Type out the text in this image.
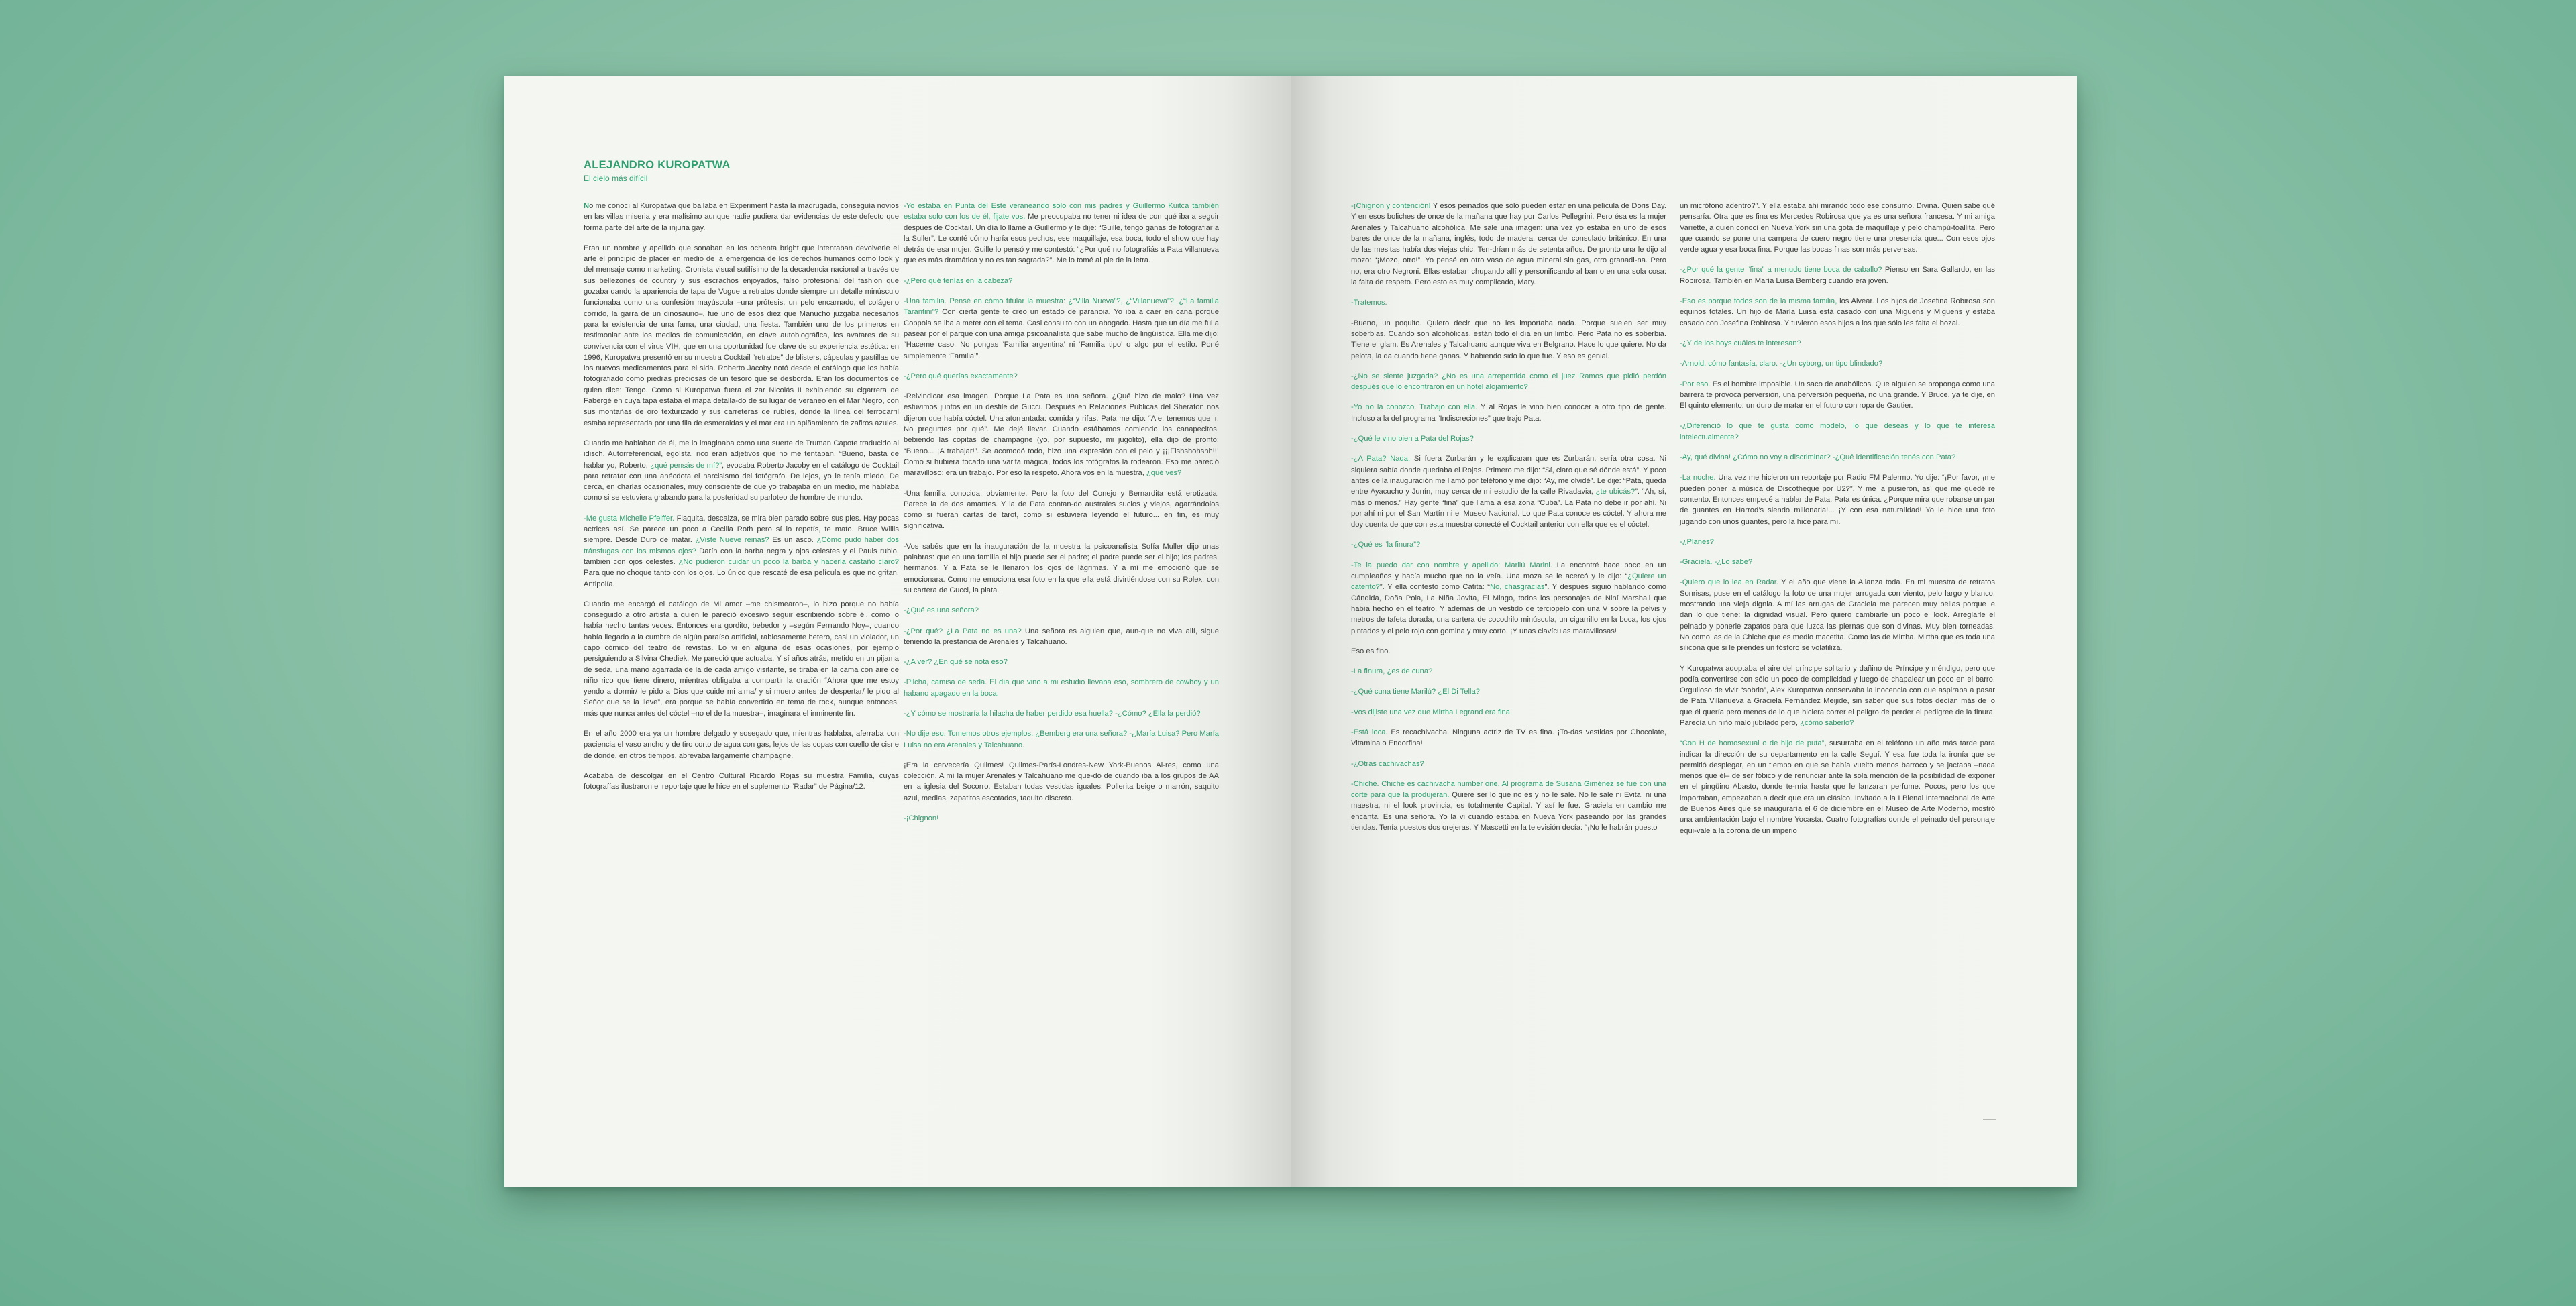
ALEJANDRO KUROPATWA
El cielo más difícil

No me conocí al Kuropatwa que bailaba en Experiment hasta la madrugada, conseguía novios en las villas miseria y era malísimo aunque nadie pudiera dar evidencias de este defecto que forma parte del arte de la injuria gay.

Eran un nombre y apellido que sonaban en los ochenta bright que intentaban devolverle el arte el principio de placer en medio de la emergencia de los derechos humanos como look y del mensaje como marketing. Cronista visual sutilísimo de la decadencia nacional a través de sus bellezones de country y sus escrachos enjoyados, falso profesional del fashion que gozaba dando la apariencia de tapa de Vogue a retratos donde siempre un detalle minúsculo funcionaba como una confesión mayúscula –una prótesis, un pelo encarnado, el colágeno corrido, la garra de un dinosaurio–, fue uno de esos diez que Manucho juzgaba necesarios para la existencia de una fama, una ciudad, una fiesta. También uno de los primeros en testimoniar ante los medios de comunicación, en clave autobiográfica, los avatares de su convivencia con el virus VIH, que en una oportunidad fue clave de su experiencia estética: en 1996, Kuropatwa presentó en su muestra Cocktail “retratos” de blisters, cápsulas y pastillas de los nuevos medicamentos para el sida. Roberto Jacoby notó desde el catálogo que los había fotografiado como piedras preciosas de un tesoro que se desborda. Eran los documentos de quien dice: Tengo. Como si Kuropatwa fuera el zar Nicolás II exhibiendo su cigarrera de Fabergé en cuya tapa estaba el mapa detalla-do de su lugar de veraneo en el Mar Negro, con sus montañas de oro texturizado y sus carreteras de rubíes, donde la línea del ferrocarril estaba representada por una fila de esmeraldas y el mar era un apiñamiento de zafiros azules.

Cuando me hablaban de él, me lo imaginaba como una suerte de Truman Capote traducido al idisch. Autorreferencial, egoísta, rico eran adjetivos que no me tentaban. “Bueno, basta de hablar yo, Roberto, ¿qué pensás de mí?”, evocaba Roberto Jacoby en el catálogo de Cocktail para retratar con una anécdota el narcisismo del fotógrafo. De lejos, yo le tenía miedo. De cerca, en charlas ocasionales, muy consciente de que yo trabajaba en un medio, me hablaba como si se estuviera grabando para la posteridad su parloteo de hombre de mundo.

-Me gusta Michelle Pfeiffer. Flaquita, descalza, se mira bien parado sobre sus pies. Hay pocas actrices así. Se parece un poco a Cecilia Roth pero sí lo repetís, te mato. Bruce Willis siempre. Desde Duro de matar. ¿Viste Nueve reinas? Es un asco. ¿Cómo pudo haber dos tránsfugas con los mismos ojos? Darín con la barba negra y ojos celestes y el Pauls rubio, también con ojos celestes. ¿No pudieron cuidar un poco la barba y hacerla castaño claro? Para que no choque tanto con los ojos. Lo único que rescaté de esa película es que no gritan. Antipolía.

Cuando me encargó el catálogo de Mi amor –me chismearon–, lo hizo porque no había conseguido a otro artista a quien le pareció excesivo seguir escribiendo sobre él, como lo había hecho tantas veces. Entonces era gordito, bebedor y –según Fernando Noy–, cuando había llegado a la cumbre de algún paraíso artificial, rabiosamente hetero, casi un violador, un capo cómico del teatro de revistas. Lo vi en alguna de esas ocasiones, por ejemplo persiguiendo a Silvina Chediek. Me pareció que actuaba. Y sí años atrás, metido en un pijama de seda, una mano agarrada de la de cada amigo visitante, se tiraba en la cama con aire de niño rico que tiene dinero, mientras obligaba a compartir la oración “Ahora que me estoy yendo a dormir/ le pido a Dios que cuide mi alma/ y si muero antes de despertar/ le pido al Señor que se la lleve”, era porque se había convertido en tema de rock, aunque entonces, más que nunca antes del cóctel –no el de la muestra–, imaginara el inminente fin.

En el año 2000 era ya un hombre delgado y sosegado que, mientras hablaba, aferraba con paciencia el vaso ancho y de tiro corto de agua con gas, lejos de las copas con cuello de cisne de donde, en otros tiempos, abrevaba largamente champagne.

Acababa de descolgar en el Centro Cultural Ricardo Rojas su muestra Familia, cuyas fotografías ilustraron el reportaje que le hice en el suplemento “Radar” de Página/12.

-Yo estaba en Punta del Este veraneando solo con mis padres y Guillermo Kuitca también estaba solo con los de él, fijate vos. Me preocupaba no tener ni idea de con qué iba a seguir después de Cocktail. Un día lo llamé a Guillermo y le dije: “Guille, tengo ganas de fotografiar a la Suller”. Le conté cómo haría esos pechos, ese maquillaje, esa boca, todo el show que hay detrás de esa mujer. Guille lo pensó y me contestó: “¿Por qué no fotografiás a Pata Villanueva que es más dramática y no es tan sagrada?”. Me lo tomé al pie de la letra.

-¿Pero qué tenías en la cabeza?

-Una familia. Pensé en cómo titular la muestra: ¿“Villa Nueva”?, ¿“Villanueva”?, ¿“La familia Tarantini”? Con cierta gente te creo un estado de paranoia. Yo iba a caer en cana porque Coppola se iba a meter con el tema. Casi consulto con un abogado. Hasta que un día me fui a pasear por el parque con una amiga psicoanalista que sabe mucho de lingüística. Ella me dijo: “Haceme caso. No pongas ‘Familia argentina’ ni ‘Familia tipo’ o algo por el estilo. Poné simplemente ‘Familia’”.

-¿Pero qué querías exactamente?

-Reivindicar esa imagen. Porque La Pata es una señora. ¿Qué hizo de malo? Una vez estuvimos juntos en un desfile de Gucci. Después en Relaciones Públicas del Sheraton nos dijeron que había cóctel. Una atorrantada: comida y rifas. Pata me dijo: “Ale, tenemos que ir. No preguntes por qué”. Me dejé llevar. Cuando estábamos comiendo los canapecitos, bebiendo las copitas de champagne (yo, por supuesto, mi jugolito), ella dijo de pronto: “Bueno... ¡A trabajar!”. Se acomodó todo, hizo una expresión con el pelo y ¡¡¡Flshshohshh!!! Como si hubiera tocado una varita mágica, todos los fotógrafos la rodearon. Eso me pareció maravilloso: era un trabajo. Por eso la respeto. Ahora vos en la muestra, ¿qué ves?

-Una familia conocida, obviamente. Pero la foto del Conejo y Bernardita está erotizada. Parece la de dos amantes. Y la de Pata contan-do australes sucios y viejos, agarrándolos como si fueran cartas de tarot, como si estuviera leyendo el futuro... en fin, es muy significativa.

-Vos sabés que en la inauguración de la muestra la psicoanalista Sofía Muller dijo unas palabras: que en una familia el hijo puede ser el padre; el padre puede ser el hijo; los padres, hermanos. Y a Pata se le llenaron los ojos de lágrimas. Y a mí me emocionó que se emocionara. Como me emociona esa foto en la que ella está divirtiéndose con su Rolex, con su cartera de Gucci, la plata.

-¿Qué es una señora?

-¿Por qué? ¿La Pata no es una? Una señora es alguien que, aun-que no viva allí, sigue teniendo la prestancia de Arenales y Talcahuano.

-¿A ver? ¿En qué se nota eso?

-Pilcha, camisa de seda. El día que vino a mi estudio llevaba eso, sombrero de cowboy y un habano apagado en la boca.

-¿Y cómo se mostraría la hilacha de haber perdido esa huella? -¿Cómo? ¿Ella la perdió?

-No dije eso. Tomemos otros ejemplos. ¿Bemberg era una señora? -¿María Luisa? Pero María Luisa no era Arenales y Talcahuano.

¡Era la cervecería Quilmes! Quilmes-París-Londres-New York-Buenos Ai-res, como una colección. A mí la mujer Arenales y Talcahuano me que-dó de cuando iba a los grupos de AA en la iglesia del Socorro. Estaban todas vestidas iguales. Pollerita beige o marrón, saquito azul, medias, zapatitos escotados, taquito discreto.

-¡Chignon!

-¡Chignon y contención! Y esos peinados que sólo pueden estar en una película de Doris Day. Y en esos boliches de once de la mañana que hay por Carlos Pellegrini. Pero ésa es la mujer Arenales y Talcahuano alcohólica. Me sale una imagen: una vez yo estaba en uno de esos bares de once de la mañana, inglés, todo de madera, cerca del consulado británico. En una de las mesitas había dos viejas chic. Ten-drían más de setenta años. De pronto una le dijo al mozo: “¡Mozo, otro!”. Yo pensé en otro vaso de agua mineral sin gas, otro granadi-na. Pero no, era otro Negroni. Ellas estaban chupando allí y personificando al barrio en una sola cosa: la falta de respeto. Pero esto es muy complicado, Mary.

-Tratemos.

-Bueno, un poquito. Quiero decir que no les importaba nada. Porque suelen ser muy soberbias. Cuando son alcohólicas, están todo el día en un limbo. Pero Pata no es soberbia. Tiene el glam. Es Arenales y Talcahuano aunque viva en Belgrano. Hace lo que quiere. No da pelota, la da cuando tiene ganas. Y habiendo sido lo que fue. Y eso es genial.

-¿No se siente juzgada? ¿No es una arrepentida como el juez Ramos que pidió perdón después que lo encontraron en un hotel alojamiento?

-Yo no la conozco. Trabajo con ella. Y al Rojas le vino bien conocer a otro tipo de gente. Incluso a la del programa “Indiscreciones” que trajo Pata.

-¿Qué le vino bien a Pata del Rojas?

-¿A Pata? Nada. Si fuera Zurbarán y le explicaran que es Zurbarán, sería otra cosa. Ni siquiera sabía donde quedaba el Rojas. Primero me dijo: “Sí, claro que sé dónde está”. Y poco antes de la inauguración me llamó por teléfono y me dijo: “Ay, me olvidé”. Le dije: “Pata, queda entre Ayacucho y Junín, muy cerca de mi estudio de la calle Rivadavia, ¿te ubicás?”. “Ah, sí, más o menos.” Hay gente “fina” que llama a esa zona “Cuba”. La Pata no debe ir por ahí. Ni por ahí ni por el San Martín ni el Museo Nacional. Lo que Pata conoce es cóctel. Y ahora me doy cuenta de que con esta muestra conecté el Cocktail anterior con ella que es el cóctel.

-¿Qué es “la finura”?

-Te la puedo dar con nombre y apellido: Marilú Marini. La encontré hace poco en un cumpleaños y hacía mucho que no la veía. Una moza se le acercó y le dijo: “¿Quiere un caterito?”. Y ella contestó como Catita: “No, chasgracias”. Y después siguió hablando como Cándida, Doña Pola, La Niña Jovita, El Mingo, todos los personajes de Niní Marshall que había hecho en el teatro. Y además de un vestido de terciopelo con una V sobre la pelvis y metros de tafeta dorada, una cartera de cocodrilo minúscula, un cigarrillo en la boca, los ojos pintados y el pelo rojo con gomina y muy corto. ¡Y unas clavículas maravillosas!

Eso es fino.

-La finura, ¿es de cuna?

-¿Qué cuna tiene Marilú? ¿El Di Tella?

-Vos dijiste una vez que Mirtha Legrand era fina.

-Está loca. Es recachivacha. Ninguna actriz de TV es fina. ¡To-das vestidas por Chocolate, Vitamina o Endorfina!

-¿Otras cachivachas?

-Chiche. Chiche es cachivacha number one. Al programa de Susana Giménez se fue con una corte para que la produjeran. Quiere ser lo que no es y no le sale. No le sale ni Evita, ni una maestra, ni el look provincia, es totalmente Capital. Y así le fue. Graciela en cambio me encanta. Es una señora. Yo la vi cuando estaba en Nueva York paseando por las grandes tiendas. Tenía puestos dos orejeras. Y Mascetti en la televisión decía: “¡No le habrán puesto

un micrófono adentro?”. Y ella estaba ahí mirando todo ese consumo. Divina. Quién sabe qué pensaría. Otra que es fina es Mercedes Robirosa que ya es una señora francesa. Y mi amiga Variette, a quien conocí en Nueva York sin una gota de maquillaje y pelo champú-toallita. Pero que cuando se pone una campera de cuero negro tiene una presencia que... Con esos ojos verde agua y esa boca fina. Porque las bocas finas son más perversas.

-¿Por qué la gente “fina” a menudo tiene boca de caballo? Pienso en Sara Gallardo, en las Robirosa. También en María Luisa Bemberg cuando era joven.

-Eso es porque todos son de la misma familia, los Alvear. Los hijos de Josefina Robirosa son equinos totales. Un hijo de María Luisa está casado con una Miguens y Miguens y estaba casado con Josefina Robirosa. Y tuvieron esos hijos a los que sólo les falta el bozal.

-¿Y de los boys cuáles te interesan?

-Arnold, cómo fantasía, claro. -¿Un cyborg, un tipo blindado?

-Por eso. Es el hombre imposible. Un saco de anabólicos. Que alguien se proponga como una barrera te provoca perversión, una perversión pequeña, no una grande. Y Bruce, ya te dije, en El quinto elemento: un duro de matar en el futuro con ropa de Gautier.

-¿Diferenció lo que te gusta como modelo, lo que deseás y lo que te interesa intelectualmente?

-Ay, qué divina! ¿Cómo no voy a discriminar? -¿Qué identificación tenés con Pata?

-La noche. Una vez me hicieron un reportaje por Radio FM Palermo. Yo dije: “¡Por favor, ¡me pueden poner la música de Discotheque por U2?”. Y me la pusieron, así que me quedé re contento. Entonces empecé a hablar de Pata. Pata es única. ¿Porque mira que robarse un par de guantes en Harrod’s siendo millonaria!... ¡Y con esa naturalidad! Yo le hice una foto jugando con unos guantes, pero la hice para mí.

-¿Planes?

-Graciela. -¿Lo sabe?

-Quiero que lo lea en Radar. Y el año que viene la Alianza toda. En mi muestra de retratos Sonrisas, puse en el catálogo la foto de una mujer arrugada con viento, pelo largo y blanco, mostrando una vieja dignia. A mí las arrugas de Graciela me parecen muy bellas porque le dan lo que tiene: la dignidad visual. Pero quiero cambiarle un poco el look. Arreglarle el peinado y ponerle zapatos para que luzca las piernas que son divinas. Muy bien torneadas. No como las de la Chiche que es medio macetita. Como las de Mirtha. Mirtha que es toda una silicona que si le prendés un fósforo se volatiliza.

Y Kuropatwa adoptaba el aire del príncipe solitario y dañino de Príncipe y méndigo, pero que podía convertirse con sólo un poco de complicidad y luego de chapalear un poco en el barro. Orgulloso de vivir “sobrio”, Alex Kuropatwa conservaba la inocencia con que aspiraba a pasar de Pata Villanueva a Graciela Fernández Meijide, sin saber que sus fotos decían más de lo que él quería pero menos de lo que hiciera correr el peligro de perder el pedigree de la finura. Parecía un niño malo jubilado pero, ¿cómo saberlo?

“Con H de homosexual o de hijo de puta”, susurraba en el teléfono un año más tarde para indicar la dirección de su departamento en la calle Seguí. Y esa fue toda la ironía que se permitió desplegar, en un tiempo en que se había vuelto menos barroco y se jactaba –nada menos que él– de ser fóbico y de renunciar ante la sola mención de la posibilidad de exponer en el pingüino Abasto, donde te-mía hasta que le lanzaran perfume. Pocos, pero los que importaban, empezaban a decir que era un clásico. Invitado a la I Bienal Internacional de Arte de Buenos Aires que se inauguraría el 6 de diciembre en el Museo de Arte Moderno, mostró una ambientación bajo el nombre Yocasta. Cuatro fotografías donde el peinado del personaje equi-vale a la corona de un imperio
